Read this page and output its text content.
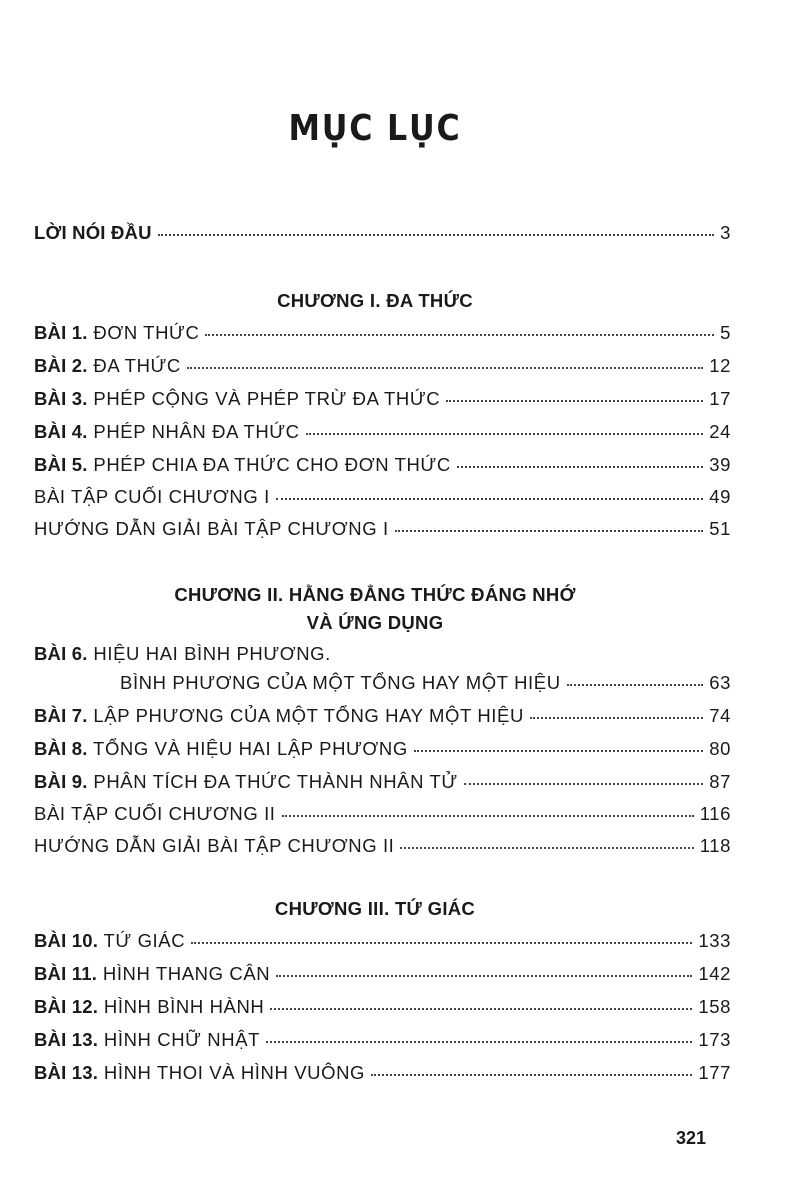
MỤC LỤC
LỜI NÓI ĐẦU	3
CHƯƠNG I. ĐA THỨC
BÀI 1. ĐƠN THỨC	5
BÀI 2. ĐA THỨC	12
BÀI 3. PHÉP CỘNG VÀ PHÉP TRỪ ĐA THỨC	17
BÀI 4. PHÉP NHÂN ĐA THỨC	24
BÀI 5. PHÉP CHIA ĐA THỨC CHO ĐƠN THỨC	39
BÀI TẬP CUỐI CHƯƠNG I	49
HƯỚNG DẪN GIẢI BÀI TẬP CHƯƠNG I	51
CHƯƠNG II. HẰNG ĐẲNG THỨC ĐÁNG NHỚ
VÀ ỨNG DỤNG
BÀI 6. HIỆU HAI BÌNH PHƯƠNG.
BÌNH PHƯƠNG CỦA MỘT TỔNG HAY MỘT HIỆU	63
BÀI 7. LẬP PHƯƠNG CỦA MỘT TỔNG HAY MỘT HIỆU	74
BÀI 8. TỔNG VÀ HIỆU HAI LẬP PHƯƠNG	80
BÀI 9. PHÂN TÍCH ĐA THỨC THÀNH NHÂN TỬ	87
BÀI TẬP CUỐI CHƯƠNG II	116
HƯỚNG DẪN GIẢI BÀI TẬP CHƯƠNG II	118
CHƯƠNG III. TỨ GIÁC
BÀI 10. TỨ GIÁC	133
BÀI 11. HÌNH THANG CÂN	142
BÀI 12. HÌNH BÌNH HÀNH	158
BÀI 13. HÌNH CHỮ NHẬT	173
BÀI 13. HÌNH THOI VÀ HÌNH VUÔNG	177
321
